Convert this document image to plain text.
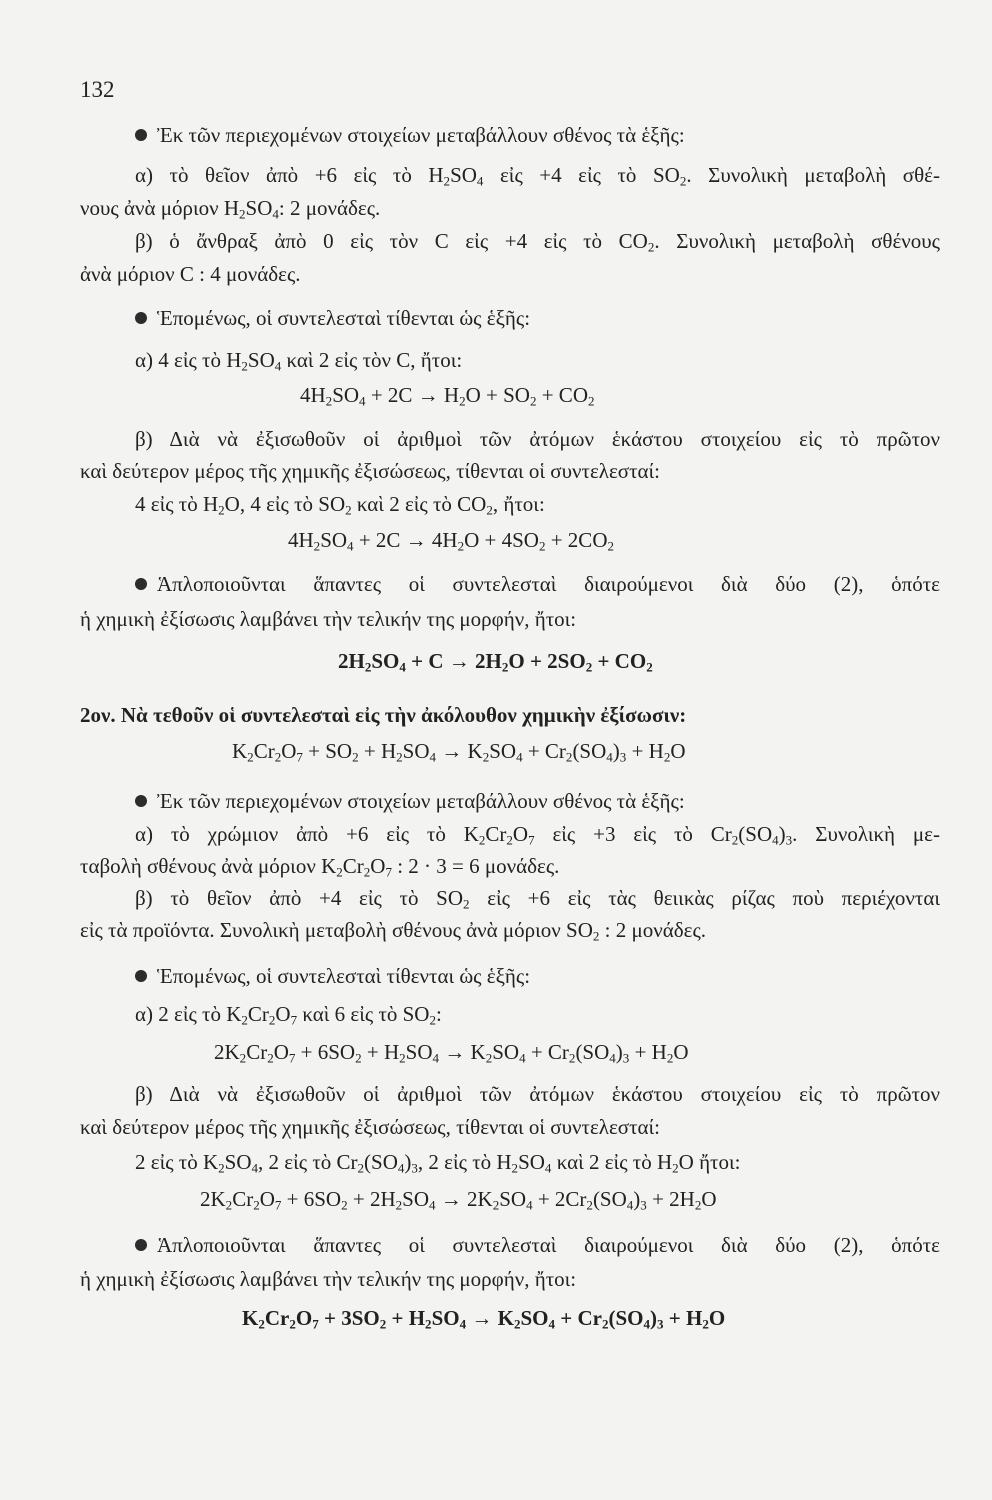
132
Ἐκ τῶν περιεχομένων στοιχείων μεταβάλλουν σθένος τὰ ἑξῆς:
α) τὸ θεῖον ἀπὸ +6 εἰς τὸ $H_2SO_4$ εἰς +4 εἰς τὸ $SO_2$. Συνολικὴ μεταβολὴ σθέ-
νους ἀνὰ μόριον $H_2SO_4$: 2 μονάδες.
β) ὁ ἄνθραξ ἀπὸ 0 εἰς τὸν C εἰς +4 εἰς τὸ $CO_2$. Συνολικὴ μεταβολὴ σθένους
ἀνὰ μόριον C : 4 μονάδες.
Ἑπομένως, οἱ συντελεσταὶ τίθενται ὡς ἑξῆς:
α) 4 εἰς τὸ $H_2SO_4$ καὶ 2 εἰς τὸν C, ἤτοι:
$4H_2SO_4 + 2C \to H_2O + SO_2 + CO_2$
β) Διὰ νὰ ἐξισωθοῦν οἱ ἀριθμοὶ τῶν ἀτόμων ἑκάστου στοιχείου εἰς τὸ πρῶτον
καὶ δεύτερον μέρος τῆς χημικῆς ἐξισώσεως, τίθενται οἱ συντελεσταί:
4 εἰς τὸ $H_2O$, 4 εἰς τὸ $SO_2$ καὶ 2 εἰς τὸ $CO_2$, ἤτοι:
$4H_2SO_4 + 2C \to 4H_2O + 4SO_2 + 2CO_2$
Ἁπλοποιοῦνται ἅπαντες οἱ συντελεσταὶ διαιρούμενοι διὰ δύο (2), ὁπότε
ἡ χημικὴ ἐξίσωσις λαμβάνει τὴν τελικήν της μορφήν, ἤτοι:
$2H_2SO_4 + C \to 2H_2O + 2SO_2 + CO_2$
2ον. Νὰ τεθοῦν οἱ συντελεσταὶ εἰς τὴν ἀκόλουθον χημικὴν ἐξίσωσιν:
$K_2Cr_2O_7 + SO_2 + H_2SO_4 \to K_2SO_4 + Cr_2(SO_4)_3 + H_2O$
Ἐκ τῶν περιεχομένων στοιχείων μεταβάλλουν σθένος τὰ ἑξῆς:
α) τὸ χρώμιον ἀπὸ +6 εἰς τὸ $K_2Cr_2O_7$ εἰς +3 εἰς τὸ $Cr_2(SO_4)_3$. Συνολικὴ με-
ταβολὴ σθένους ἀνὰ μόριον $K_2Cr_2O_7$ : 2 · 3 = 6 μονάδες.
β) τὸ θεῖον ἀπὸ +4 εἰς τὸ $SO_2$ εἰς +6 εἰς τὰς θειικὰς ρίζας ποὺ περιέχονται
εἰς τὰ προϊόντα. Συνολικὴ μεταβολὴ σθένους ἀνὰ μόριον $SO_2$ : 2 μονάδες.
Ἑπομένως, οἱ συντελεσταὶ τίθενται ὡς ἑξῆς:
α) 2 εἰς τὸ $K_2Cr_2O_7$ καὶ 6 εἰς τὸ $SO_2$:
$2K_2Cr_2O_7 + 6SO_2 + H_2SO_4 \to K_2SO_4 + Cr_2(SO_4)_3 + H_2O$
β) Διὰ νὰ ἐξισωθοῦν οἱ ἀριθμοὶ τῶν ἀτόμων ἑκάστου στοιχείου εἰς τὸ πρῶτον
καὶ δεύτερον μέρος τῆς χημικῆς ἐξισώσεως, τίθενται οἱ συντελεσταί:
2 εἰς τὸ $K_2SO_4$, 2 εἰς τὸ $Cr_2(SO_4)_3$, 2 εἰς τὸ $H_2SO_4$ καὶ 2 εἰς τὸ $H_2O$ ἤτοι:
$2K_2Cr_2O_7 + 6SO_2 + 2H_2SO_4 \to 2K_2SO_4 + 2Cr_2(SO_4)_3 + 2H_2O$
Ἁπλοποιοῦνται ἅπαντες οἱ συντελεσταὶ διαιρούμενοι διὰ δύο (2), ὁπότε
ἡ χημικὴ ἐξίσωσις λαμβάνει τὴν τελικήν της μορφήν, ἤτοι:
$K_2Cr_2O_7 + 3SO_2 + H_2SO_4 \to K_2SO_4 + Cr_2(SO_4)_3 + H_2O$
